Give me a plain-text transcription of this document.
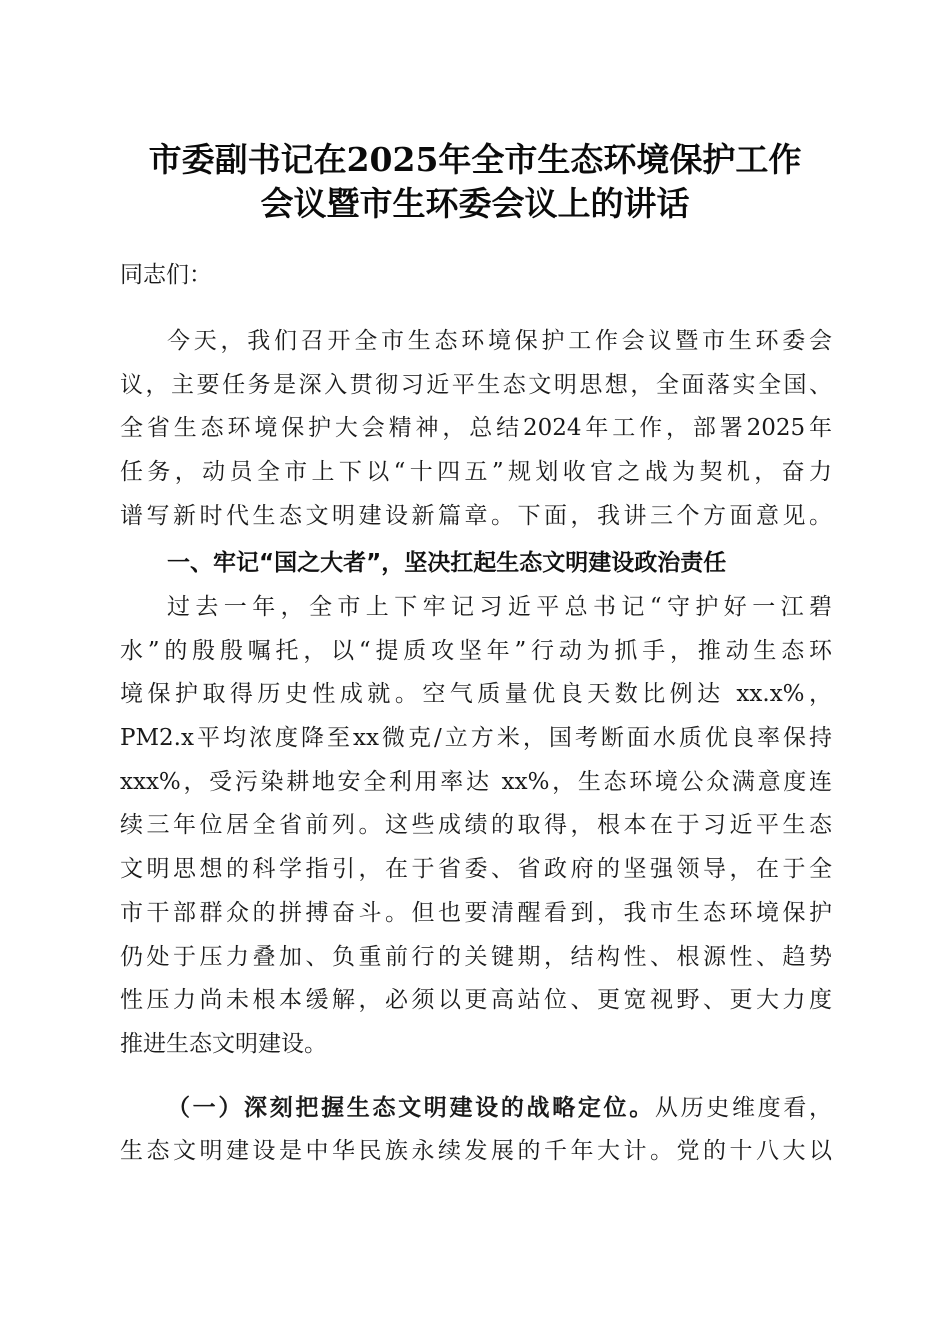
市委副书记在2025年全市生态环境保护工作
会议暨市生环委会议上的讲话
同志们：
今天，我们召开全市生态环境保护工作会议暨市生环委会
议，主要任务是深入贯彻习近平生态文明思想，全面落实全国、
全省生态环境保护大会精神，总结2024年工作，部署2025年
任务，动员全市上下以“十四五”规划收官之战为契机，奋力
谱写新时代生态文明建设新篇章。下面，我讲三个方面意见。
一、牢记“国之大者”，坚决扛起生态文明建设政治责任
过去一年，全市上下牢记习近平总书记“守护好一江碧
水”的殷殷嘱托，以“提质攻坚年”行动为抓手，推动生态环
境保护取得历史性成就。空气质量优良天数比例达 xx.x%，
PM2.x平均浓度降至xx微克/立方米，国考断面水质优良率保持
xxx%，受污染耕地安全利用率达 xx%，生态环境公众满意度连
续三年位居全省前列。这些成绩的取得，根本在于习近平生态
文明思想的科学指引，在于省委、省政府的坚强领导，在于全
市干部群众的拼搏奋斗。但也要清醒看到，我市生态环境保护
仍处于压力叠加、负重前行的关键期，结构性、根源性、趋势
性压力尚未根本缓解，必须以更高站位、更宽视野、更大力度
推进生态文明建设。
（一）深刻把握生态文明建设的战略定位。从历史维度看，
生态文明建设是中华民族永续发展的千年大计。党的十八大以
